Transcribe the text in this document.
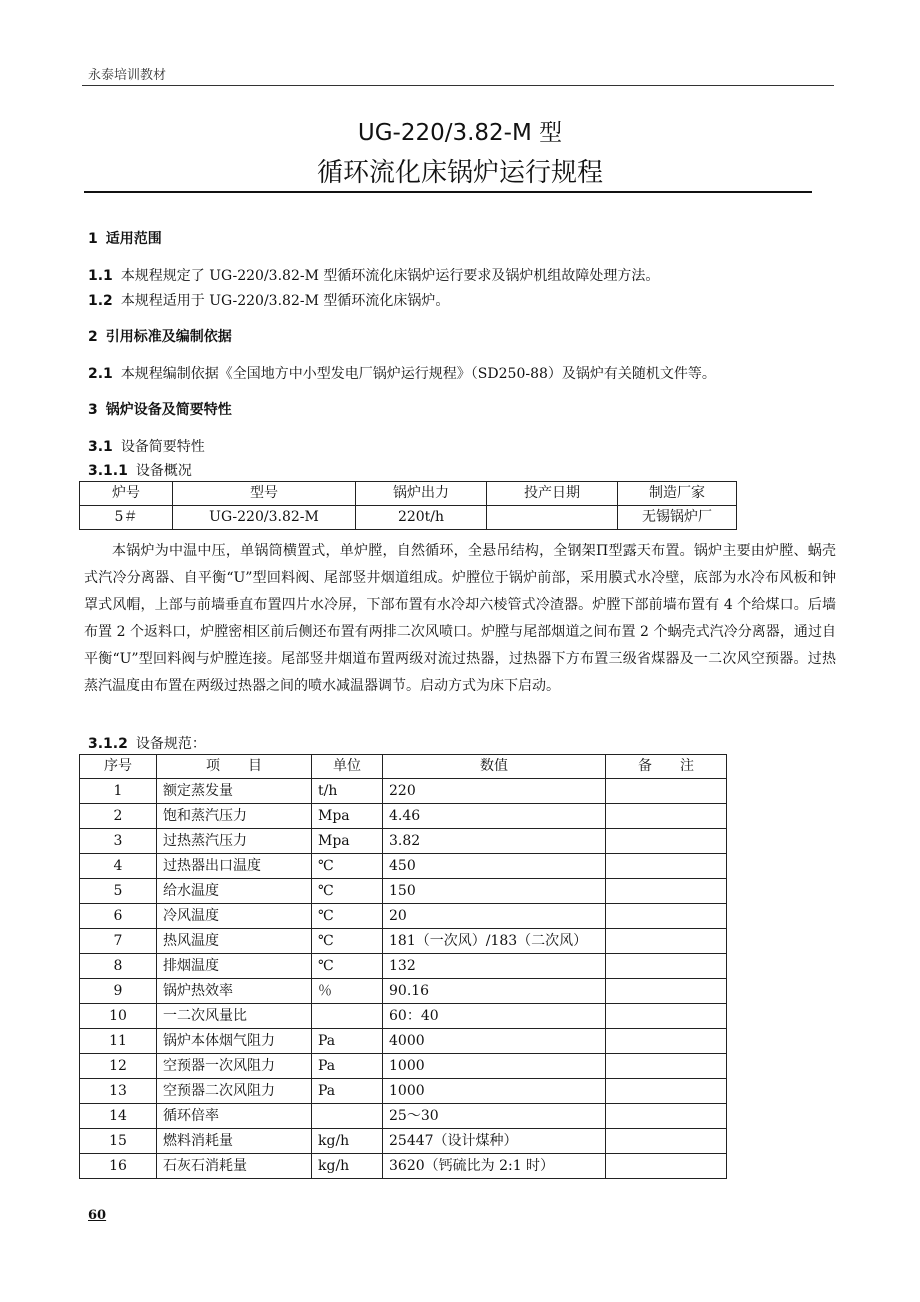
永泰培训教材
UG-220/3.82-M 型
循环流化床锅炉运行规程
1 适用范围
1.1 本规程规定了 UG-220/3.82-M 型循环流化床锅炉运行要求及锅炉机组故障处理方法。
1.2 本规程适用于 UG-220/3.82-M 型循环流化床锅炉。
2 引用标准及编制依据
2.1 本规程编制依据《全国地方中小型发电厂锅炉运行规程》（SD250-88）及锅炉有关随机文件等。
3 锅炉设备及简要特性
3.1 设备简要特性
3.1.1 设备概况
炉号	型号	锅炉出力	投产日期	制造厂家
5＃	UG-220/3.82-M	220t/h		无锡锅炉厂
本锅炉为中温中压，单锅筒横置式，单炉膛，自然循环，全悬吊结构，全钢架Π型露天布置。锅炉主要由炉膛、蜗壳式汽冷分离器、自平衡“U”型回料阀、尾部竖井烟道组成。炉膛位于锅炉前部，采用膜式水冷壁，底部为水冷布风板和钟罩式风帽，上部与前墙垂直布置四片水冷屏，下部布置有水冷却六棱管式冷渣器。炉膛下部前墙布置有 4 个给煤口。后墙布置 2 个返料口，炉膛密相区前后侧还布置有两排二次风喷口。炉膛与尾部烟道之间布置 2 个蜗壳式汽冷分离器，通过自平衡“U”型回料阀与炉膛连接。尾部竖井烟道布置两级对流过热器，过热器下方布置三级省煤器及一二次风空预器。过热蒸汽温度由布置在两级过热器之间的喷水减温器调节。启动方式为床下启动。
3.1.2 设备规范：
序号	项　　目	单位	数值	备　　注
1	额定蒸发量	t/h	220	
2	饱和蒸汽压力	Mpa	4.46	
3	过热蒸汽压力	Mpa	3.82	
4	过热器出口温度	℃	450	
5	给水温度	℃	150	
6	冷风温度	℃	20	
7	热风温度	℃	181（一次风）/183（二次风）	
8	排烟温度	℃	132	
9	锅炉热效率	％	90.16	
10	一二次风量比		60：40	
11	锅炉本体烟气阻力	Pa	4000	
12	空预器一次风阻力	Pa	1000	
13	空预器二次风阻力	Pa	1000	
14	循环倍率		25～30	
15	燃料消耗量	kg/h	25447（设计煤种）	
16	石灰石消耗量	kg/h	3620（钙硫比为 2:1 时）	
60
